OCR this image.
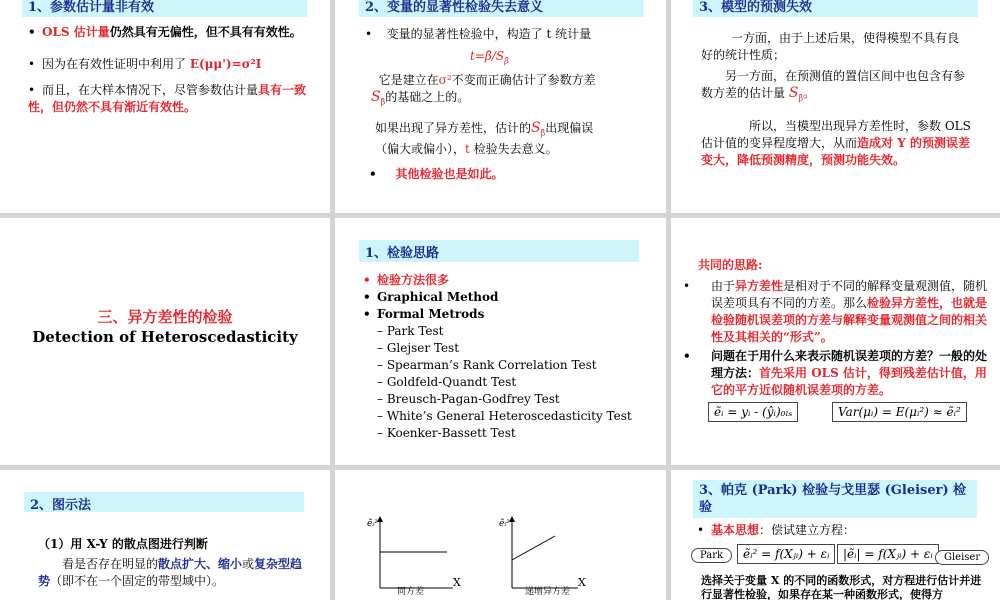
1、参数估计量非有效
• OLS 估计量仍然具有无偏性，但不具有有效性。
• 因为在有效性证明中利用了 E(μμ')=σ²I
• 而且，在大样本情况下，尽管参数估计量具有一致性，但仍然不具有渐近有效性。
2、变量的显著性检验失去意义
• 变量的显著性检验中，构造了 t 统计量
$t=\betâ/S_{\betâ}$
它是建立在σ²不变而正确估计了参数方差
$S_{\betâ}$的基础之上的。
如果出现了异方差性，估计的$S_{\betâ}$出现偏误
（偏大或偏小），t 检验失去意义。
• 其他检验也是如此。
3、模型的预测失效
一方面，由于上述后果，使得模型不具有良好的统计性质；
另一方面，在预测值的置信区间中也包含有参数方差的估计量 $S_{\betâ}$。
所以，当模型出现异方差性时，参数 OLS 估计值的变异程度增大，从而造成对 Y 的预测误差变大，降低预测精度，预测功能失效。
三、异方差性的检验
Detection of Heteroscedasticity
1、检验思路
• 检验方法很多
• Graphical Method
• Formal Metrods
– Park Test
– Glejser Test
– Spearman’s Rank Correlation Test
– Goldfeld-Quandt Test
– Breusch-Pagan-Godfrey Test
– White’s General Heteroscedasticity Test
– Koenker-Bassett Test
共同的思路:
• 由于异方差性是相对于不同的解释变量观测值，随机误差项具有不同的方差。那么检验异方差性，也就是检验随机误差项的方差与解释变量观测值之间的相关性及其相关的“形式”。
• 问题在于用什么来表示随机误差项的方差？一般的处理方法：首先采用 OLS 估计，得到残差估计值，用它的平方近似随机误差项的方差。
ẽᵢ = yᵢ - (ŷᵢ)₀ₗₛ	Var(μᵢ) = E(μᵢ²) ≈ ẽᵢ²
2、图示法
（1）用 X-Y 的散点图进行判断
看是否存在明显的散点扩大、缩小或复杂型趋势（即不在一个固定的带型域中）。
ẽᵢ²	ẽᵢ²
X	X
同方差	递增异方差
3、帕克 (Park) 检验与戈里瑟 (Gleiser) 检验
• 基本思想：偿试建立方程：
Park	ẽᵢ² = f(Xⱼᵢ) + εᵢ	|ẽᵢ| = f(Xⱼᵢ) + εᵢ	Gleiser
选择关于变量 X 的不同的函数形式，对方程进行估计并进行显著性检验，如果存在某一种函数形式，使得方
